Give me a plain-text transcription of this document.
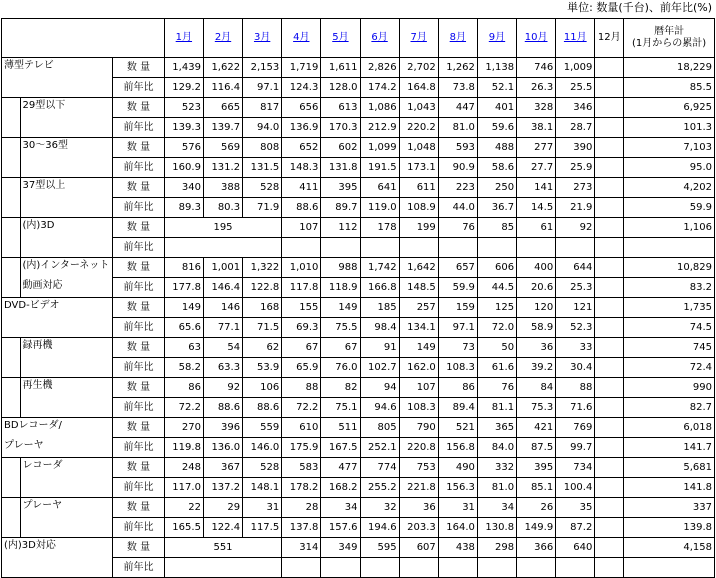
単位: 数量(千台)、前年比(%)
			1月	2月	3月	4月	5月	6月	7月	8月	9月	10月	11月	12月	暦年計
(1月からの累計)
薄型テレビ		数 量	1,439	1,622	2,153	1,719	1,611	2,826	2,702	1,262	1,138	746	1,009		18,229
		前年比	129.2	116.4	97.1	124.3	128.0	174.2	164.8	73.8	52.1	26.3	25.5		85.5
	29型以下	数 量	523	665	817	656	613	1,086	1,043	447	401	328	346		6,925
		前年比	139.3	139.7	94.0	136.9	170.3	212.9	220.2	81.0	59.6	38.1	28.7		101.3
	30～36型	数 量	576	569	808	652	602	1,099	1,048	593	488	277	390		7,103
		前年比	160.9	131.2	131.5	148.3	131.8	191.5	173.1	90.9	58.6	27.7	25.9		95.0
	37型以上	数 量	340	388	528	411	395	641	611	223	250	141	273		4,202
		前年比	89.3	80.3	71.9	88.6	89.7	119.0	108.9	44.0	36.7	14.5	21.9		59.9
	(内)3D	数 量	195			107	112	178	199	76	85	61	92		1,106
		前年比													
	(内)インターネット	数 量	816	1,001	1,322	1,010	988	1,742	1,642	657	606	400	644		10,829
	動画対応	前年比	177.8	146.4	122.8	117.8	118.9	166.8	148.5	59.9	44.5	20.6	25.3		83.2
DVD-ビデオ		数 量	149	146	168	155	149	185	257	159	125	120	121		1,735
		前年比	65.6	77.1	71.5	69.3	75.5	98.4	134.1	97.1	72.0	58.9	52.3		74.5
	録再機	数 量	63	54	62	67	67	91	149	73	50	36	33		745
		前年比	58.2	63.3	53.9	65.9	76.0	102.7	162.0	108.3	61.6	39.2	30.4		72.4
	再生機	数 量	86	92	106	88	82	94	107	86	76	84	88		990
		前年比	72.2	88.6	88.6	72.2	75.1	94.6	108.3	89.4	81.1	75.3	71.6		82.7
BDレコーダ/		数 量	270	396	559	610	511	805	790	521	365	421	769		6,018
プレーヤ		前年比	119.8	136.0	146.0	175.9	167.5	252.1	220.8	156.8	84.0	87.5	99.7		141.7
	レコーダ	数 量	248	367	528	583	477	774	753	490	332	395	734		5,681
		前年比	117.0	137.2	148.1	178.2	168.2	255.2	221.8	156.3	81.0	85.1	100.4		141.8
	プレーヤ	数 量	22	29	31	28	34	32	36	31	34	26	35		337
		前年比	165.5	122.4	117.5	137.8	157.6	194.6	203.3	164.0	130.8	149.9	87.2		139.8
(内)3D対応		数 量	551			314	349	595	607	438	298	366	640		4,158
		前年比													
